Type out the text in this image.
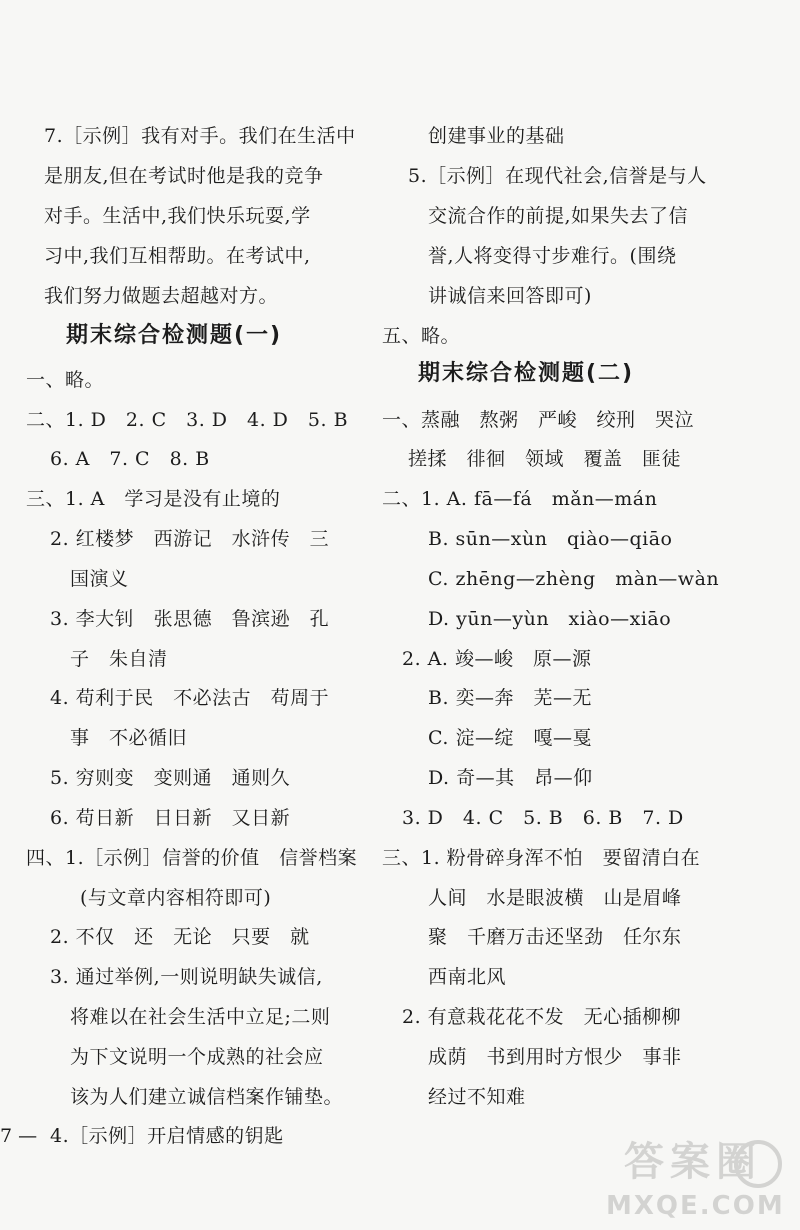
7.［示例］我有对手。我们在生活中
是朋友,但在考试时他是我的竞争
对手。生活中,我们快乐玩耍,学
习中,我们互相帮助。在考试中,
我们努力做题去超越对方。
期末综合检测题(一)
一、略。
二、1. D　2. C　3. D　4. D　5. B
6. A　7. C　8. B
三、1. A　学习是没有止境的
2. 红楼梦　西游记　水浒传　三
国演义
3. 李大钊　张思德　鲁滨逊　孔
子　朱自清
4. 苟利于民　不必法古　苟周于
事　不必循旧
5. 穷则变　变则通　通则久
6. 苟日新　日日新　又日新
四、1.［示例］信誉的价值　信誉档案
(与文章内容相符即可)
2. 不仅　还　无论　只要　就
3. 通过举例,一则说明缺失诚信,
将难以在社会生活中立足;二则
为下文说明一个成熟的社会应
该为人们建立诚信档案作铺垫。
4.［示例］开启情感的钥匙
创建事业的基础
5.［示例］在现代社会,信誉是与人
交流合作的前提,如果失去了信
誉,人将变得寸步难行。(围绕
讲诚信来回答即可)
五、略。
期末综合检测题(二)
一、蒸融　熬粥　严峻　绞刑　哭泣
搓揉　徘徊　领域　覆盖　匪徒
二、1. A. fā—fá　mǎn—mán
B. sūn—xùn　qiào—qiāo
C. zhēng—zhèng　màn—wàn
D. yūn—yùn　xiào—xiāo
2. A. 竣—峻　原—源
B. 奕—奔　芜—无
C. 淀—绽　嘎—戛
D. 奇—其　昂—仰
3. D　4. C　5. B　6. B　7. D
三、1. 粉骨碎身浑不怕　要留清白在
人间　水是眼波横　山是眉峰
聚　千磨万击还坚劲　任尔东
西南北风
2. 有意栽花花不发　无心插柳柳
成荫　书到用时方恨少　事非
经过不知难
7 —
答案圈
MXQE.COM
